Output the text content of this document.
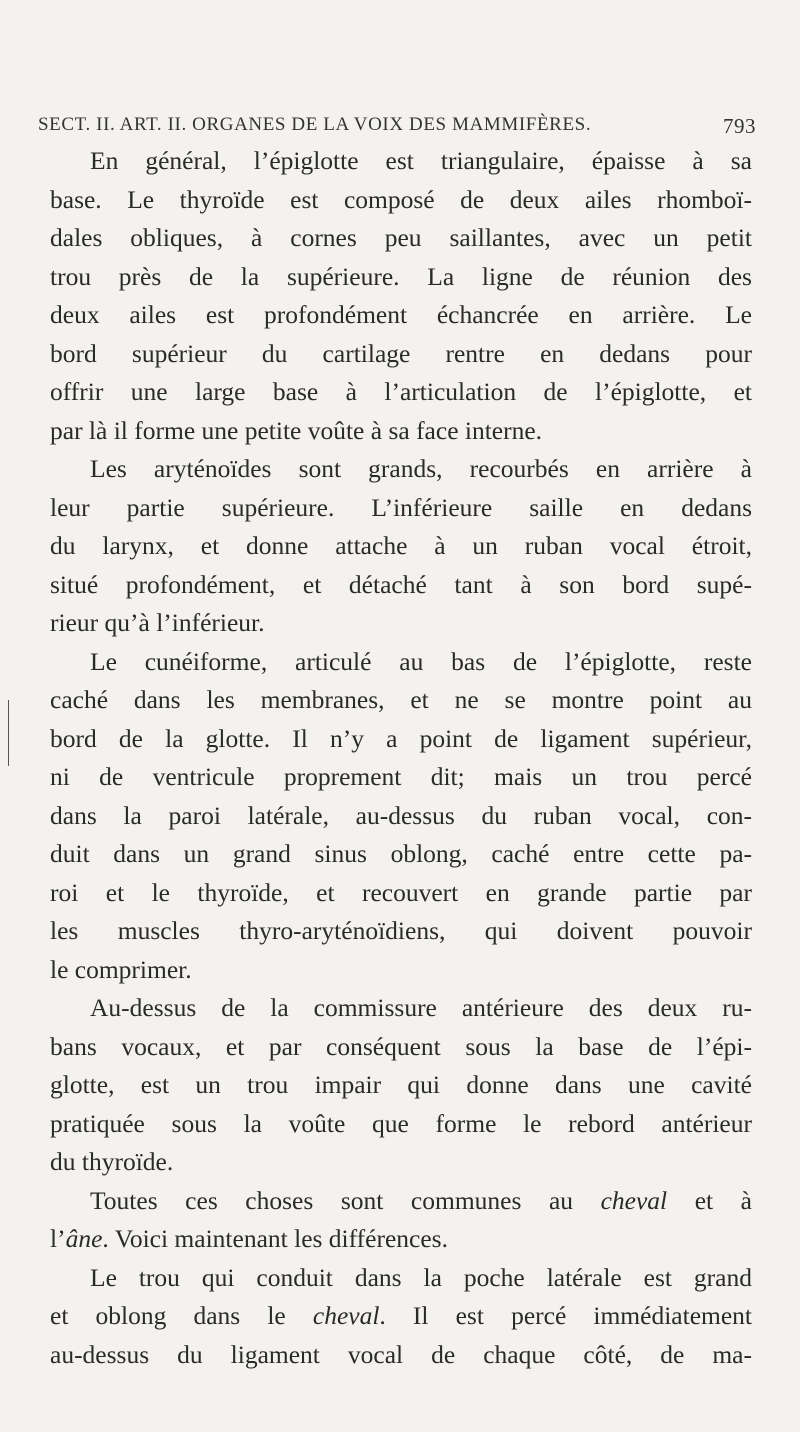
SECT. II. ART. II. ORGANES DE LA VOIX DES MAMMIFÈRES.	793
En général, l’épiglotte est triangulaire, épaisse à sa
base. Le thyroïde est composé de deux ailes rhomboï-
dales obliques, à cornes peu saillantes, avec un petit
trou près de la supérieure. La ligne de réunion des
deux ailes est profondément échancrée en arrière. Le
bord supérieur du cartilage rentre en dedans pour
offrir une large base à l’articulation de l’épiglotte, et
par là il forme une petite voûte à sa face interne.
Les aryténoïdes sont grands, recourbés en arrière à
leur partie supérieure. L’inférieure saille en dedans
du larynx, et donne attache à un ruban vocal étroit,
situé profondément, et détaché tant à son bord supé-
rieur qu’à l’inférieur.
Le cunéiforme, articulé au bas de l’épiglotte, reste
caché dans les membranes, et ne se montre point au
bord de la glotte. Il n’y a point de ligament supérieur,
ni de ventricule proprement dit; mais un trou percé
dans la paroi latérale, au-dessus du ruban vocal, con-
duit dans un grand sinus oblong, caché entre cette pa-
roi et le thyroïde, et recouvert en grande partie par
les muscles thyro-aryténoïdiens, qui doivent pouvoir
le comprimer.
Au-dessus de la commissure antérieure des deux ru-
bans vocaux, et par conséquent sous la base de l’épi-
glotte, est un trou impair qui donne dans une cavité
pratiquée sous la voûte que forme le rebord antérieur
du thyroïde.
Toutes ces choses sont communes au cheval et à
l’âne. Voici maintenant les différences.
Le trou qui conduit dans la poche latérale est grand
et oblong dans le cheval. Il est percé immédiatement
au-dessus du ligament vocal de chaque côté, de ma-
